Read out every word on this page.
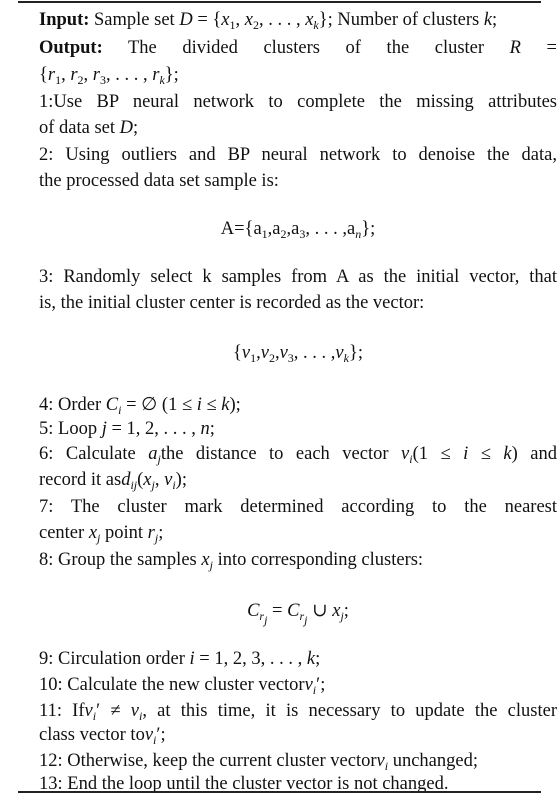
Input: Sample set $D = \{x_1$, $x_2$, . . . , $x_k$}; Number of clusters k;
Output: The divided clusters of the cluster R =
{$r_1$, $r_2$, $r_3$, . . . , $r_k$};
1:Use BP neural network to complete the missing attributes
of data set D;
2: Using outliers and BP neural network to denoise the data,
the processed data set sample is:
$A=\{a_1,a_2,a_3$, . . . $,a_n$};
3: Randomly select k samples from A as the initial vector, that
is, the initial cluster center is recorded as the vector:
{$v_1,v_2,v_3$, . . . $,v_k$};
4: Order $C_i$ = ∅ (1 ≤ i ≤ k);
5: Loop j = 1, 2, . . . , n;
6: Calculate $a_jthe$ distance to each vector $v_i(1 \le i \le k)$ and
record it $asd_{ij}(x_j$, $v_i$);
7: The cluster mark determined according to the nearest
center $x_j$ point $r_j$;
8: Group the samples $x_j$ into corresponding clusters:
$C_{r_j} = C_{r_j}$ ∪ $x_j$;
9: Circulation order i = 1, 2, 3, . . . , k;
10: Calculate the new cluster vectorv$_i$′;
11: $Ifv_i' \ne v_i$, at this time, it is necessary to update the cluster
class vector tov$_i$′;
12: Otherwise, keep the current cluster vectorv$_i$ unchanged;
13: End the loop until the cluster vector is not changed.
